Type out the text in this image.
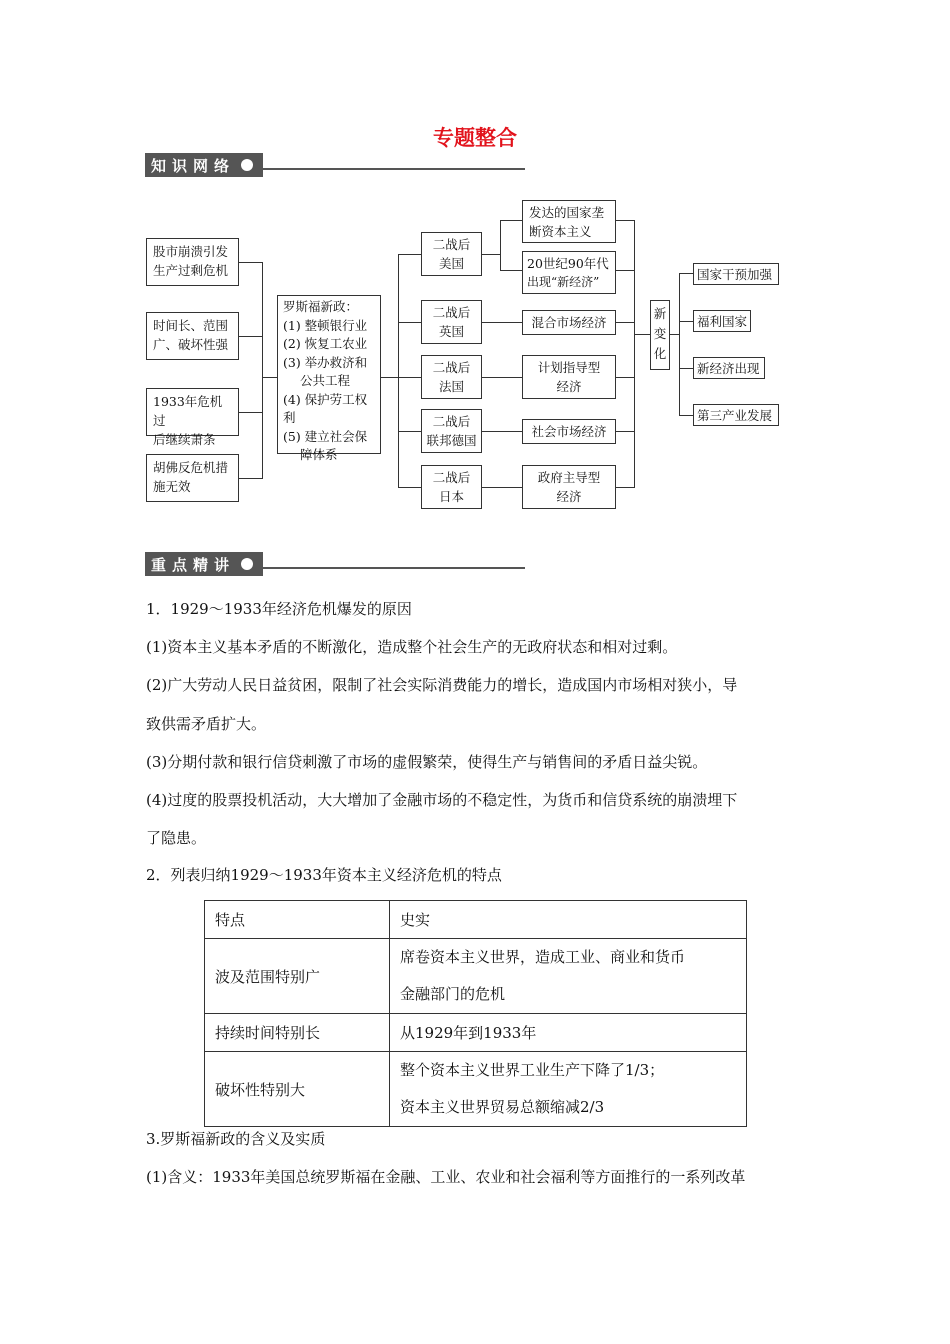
专题整合
知识网络
股市崩溃引发
生产过剩危机
时间长、范围
广、破坏性强
1933年危机过
后继续萧条
胡佛反危机措
施无效
罗斯福新政：
(1) 整顿银行业
(2) 恢复工农业
(3) 举办救济和
公共工程
(4) 保护劳工权利
(5) 建立社会保
障体系
二战后
美国
二战后
英国
二战后
法国
二战后
联邦德国
二战后
日本
发达的国家垄
断资本主义
20世纪90年代
出现“新经济”
混合市场经济
计划指导型
经济
社会市场经济
政府主导型
经济
新
变
化
国家干预加强
福利国家
新经济出现
第三产业发展
重点精讲
1．1929～1933年经济危机爆发的原因
(1)资本主义基本矛盾的不断激化，造成整个社会生产的无政府状态和相对过剩。
(2)广大劳动人民日益贫困，限制了社会实际消费能力的增长，造成国内市场相对狭小，导
致供需矛盾扩大。
(3)分期付款和银行信贷刺激了市场的虚假繁荣，使得生产与销售间的矛盾日益尖锐。
(4)过度的股票投机活动，大大增加了金融市场的不稳定性，为货币和信贷系统的崩溃埋下
了隐患。
2．列表归纳1929～1933年资本主义经济危机的特点
特点	史实
波及范围特别广	席卷资本主义世界，造成工业、商业和货币
金融部门的危机

持续时间特别长	从1929年到1933年

破坏性特别大	整个资本主义世界工业生产下降了1/3；
资本主义世界贸易总额缩减2/3
3.罗斯福新政的含义及实质
(1)含义：1933年美国总统罗斯福在金融、工业、农业和社会福利等方面推行的一系列改革
